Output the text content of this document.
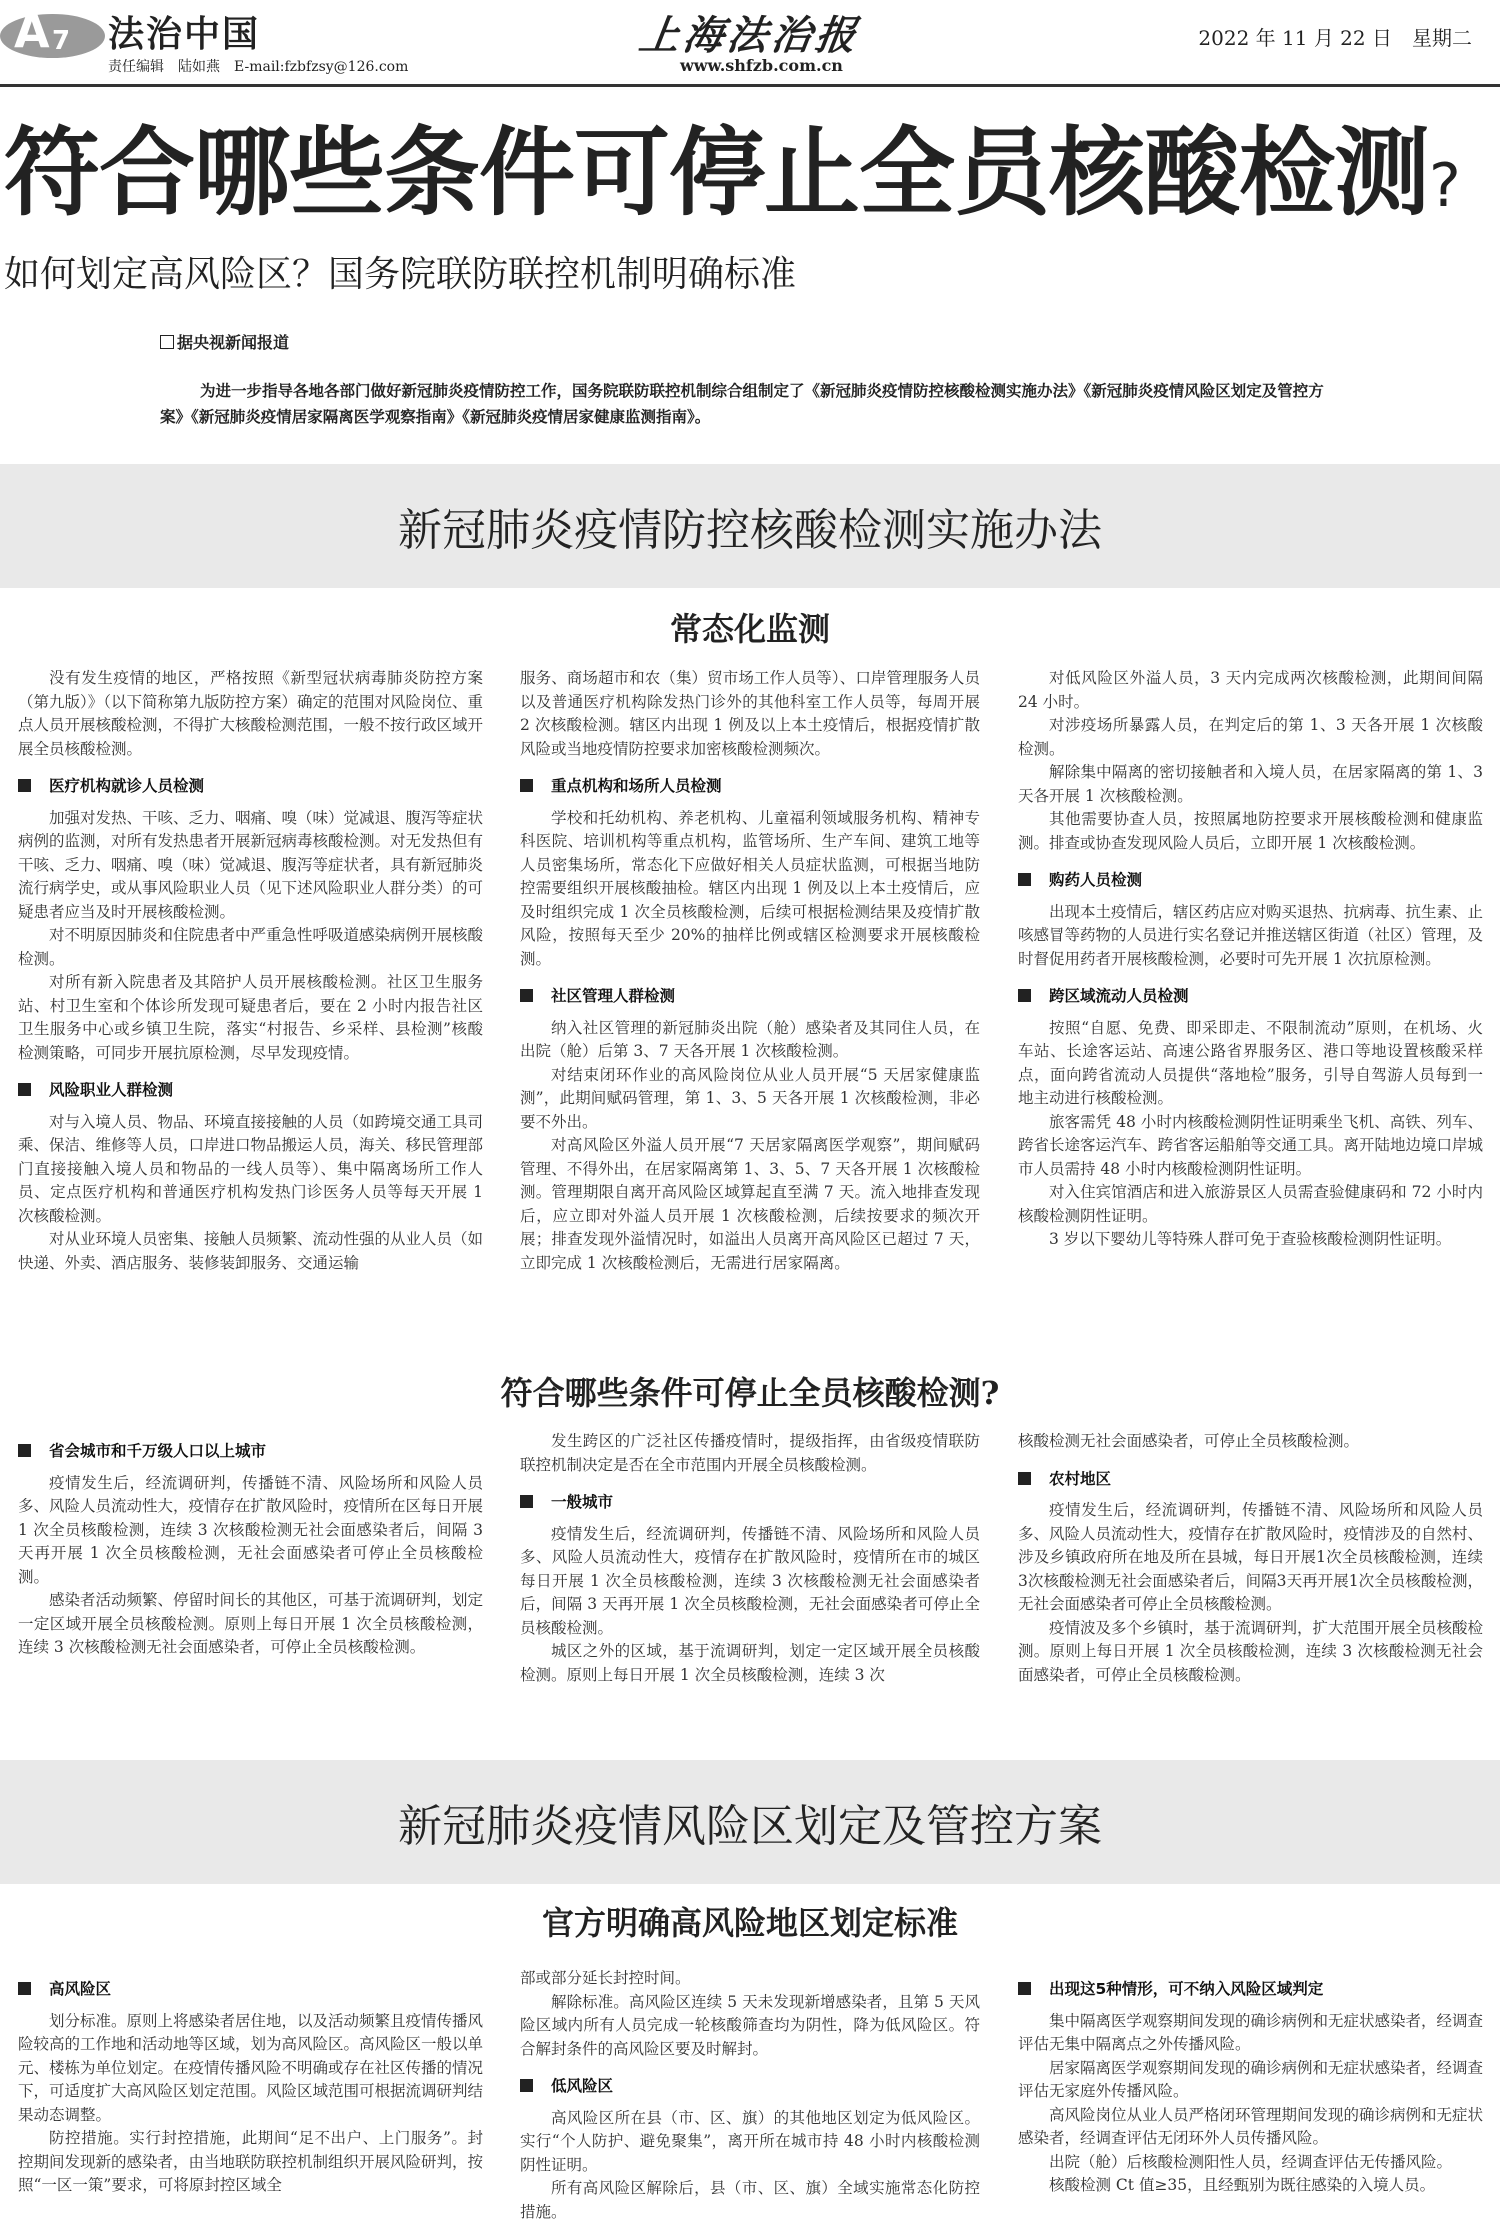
A 7 法治中国
责任编辑　陆如燕　E-mail:fzbfzsy@126.com
上海法治报
www.shfzb.com.cn
2022 年 11 月 22 日　星期二
符合哪些条件可停止全员核酸检测?
如何划定高风险区？国务院联防联控机制明确标准
据央视新闻报道
为进一步指导各地各部门做好新冠肺炎疫情防控工作，国务院联防联控机制综合组制定了《新冠肺炎疫情防控核酸检测实施办法》《新冠肺炎疫情风险区划定及管控方案》《新冠肺炎疫情居家隔离医学观察指南》《新冠肺炎疫情居家健康监测指南》。
新冠肺炎疫情防控核酸检测实施办法
常态化监测

没有发生疫情的地区，严格按照《新型冠状病毒肺炎防控方案（第九版）》（以下简称第九版防控方案）确定的范围对风险岗位、重点人员开展核酸检测，不得扩大核酸检测范围，一般不按行政区域开展全员核酸检测。

医疗机构就诊人员检测

加强对发热、干咳、乏力、咽痛、嗅（味）觉减退、腹泻等症状病例的监测，对所有发热患者开展新冠病毒核酸检测。对无发热但有干咳、乏力、咽痛、嗅（味）觉减退、腹泻等症状者，具有新冠肺炎流行病学史，或从事风险职业人员（见下述风险职业人群分类）的可疑患者应当及时开展核酸检测。

对不明原因肺炎和住院患者中严重急性呼吸道感染病例开展核酸检测。

对所有新入院患者及其陪护人员开展核酸检测。社区卫生服务站、村卫生室和个体诊所发现可疑患者后，要在 2 小时内报告社区卫生服务中心或乡镇卫生院，落实“村报告、乡采样、县检测”核酸检测策略，可同步开展抗原检测，尽早发现疫情。

风险职业人群检测

对与入境人员、物品、环境直接接触的人员（如跨境交通工具司乘、保洁、维修等人员，口岸进口物品搬运人员，海关、移民管理部门直接接触入境人员和物品的一线人员等）、集中隔离场所工作人员、定点医疗机构和普通医疗机构发热门诊医务人员等每天开展 1 次核酸检测。

对从业环境人员密集、接触人员频繁、流动性强的从业人员（如快递、外卖、酒店服务、装修装卸服务、交通运输

服务、商场超市和农（集）贸市场工作人员等）、口岸管理服务人员以及普通医疗机构除发热门诊外的其他科室工作人员等，每周开展 2 次核酸检测。辖区内出现 1 例及以上本土疫情后，根据疫情扩散风险或当地疫情防控要求加密核酸检测频次。

重点机构和场所人员检测

学校和托幼机构、养老机构、儿童福利领域服务机构、精神专科医院、培训机构等重点机构，监管场所、生产车间、建筑工地等人员密集场所，常态化下应做好相关人员症状监测，可根据当地防控需要组织开展核酸抽检。辖区内出现 1 例及以上本土疫情后，应及时组织完成 1 次全员核酸检测，后续可根据检测结果及疫情扩散风险，按照每天至少 20%的抽样比例或辖区检测要求开展核酸检测。

社区管理人群检测

纳入社区管理的新冠肺炎出院（舱）感染者及其同住人员，在出院（舱）后第 3、7 天各开展 1 次核酸检测。

对结束闭环作业的高风险岗位从业人员开展“5 天居家健康监测”，此期间赋码管理，第 1、3、5 天各开展 1 次核酸检测，非必要不外出。

对高风险区外溢人员开展“7 天居家隔离医学观察”，期间赋码管理、不得外出，在居家隔离第 1、3、5、7 天各开展 1 次核酸检测。管理期限自离开高风险区域算起直至满 7 天。流入地排查发现后，应立即对外溢人员开展 1 次核酸检测，后续按要求的频次开展；排查发现外溢情况时，如溢出人员离开高风险区已超过 7 天，立即完成 1 次核酸检测后，无需进行居家隔离。

对低风险区外溢人员，3 天内完成两次核酸检测，此期间间隔 24 小时。

对涉疫场所暴露人员，在判定后的第 1、3 天各开展 1 次核酸检测。

解除集中隔离的密切接触者和入境人员，在居家隔离的第 1、3 天各开展 1 次核酸检测。

其他需要协查人员，按照属地防控要求开展核酸检测和健康监测。排查或协查发现风险人员后，立即开展 1 次核酸检测。

购药人员检测

出现本土疫情后，辖区药店应对购买退热、抗病毒、抗生素、止咳感冒等药物的人员进行实名登记并推送辖区街道（社区）管理，及时督促用药者开展核酸检测，必要时可先开展 1 次抗原检测。

跨区域流动人员检测

按照“自愿、免费、即采即走、不限制流动”原则，在机场、火车站、长途客运站、高速公路省界服务区、港口等地设置核酸采样点，面向跨省流动人员提供“落地检”服务，引导自驾游人员每到一地主动进行核酸检测。

旅客需凭 48 小时内核酸检测阴性证明乘坐飞机、高铁、列车、跨省长途客运汽车、跨省客运船舶等交通工具。离开陆地边境口岸城市人员需持 48 小时内核酸检测阴性证明。

对入住宾馆酒店和进入旅游景区人员需查验健康码和 72 小时内核酸检测阴性证明。

3 岁以下婴幼儿等特殊人群可免于查验核酸检测阴性证明。

符合哪些条件可停止全员核酸检测?
省会城市和千万级人口以上城市

疫情发生后，经流调研判，传播链不清、风险场所和风险人员多、风险人员流动性大，疫情存在扩散风险时，疫情所在区每日开展 1 次全员核酸检测，连续 3 次核酸检测无社会面感染者后，间隔 3 天再开展 1 次全员核酸检测，无社会面感染者可停止全员核酸检测。

感染者活动频繁、停留时间长的其他区，可基于流调研判，划定一定区域开展全员核酸检测。原则上每日开展 1 次全员核酸检测，连续 3 次核酸检测无社会面感染者，可停止全员核酸检测。

发生跨区的广泛社区传播疫情时，提级指挥，由省级疫情联防联控机制决定是否在全市范围内开展全员核酸检测。

一般城市

疫情发生后，经流调研判，传播链不清、风险场所和风险人员多、风险人员流动性大，疫情存在扩散风险时，疫情所在市的城区每日开展 1 次全员核酸检测，连续 3 次核酸检测无社会面感染者后，间隔 3 天再开展 1 次全员核酸检测，无社会面感染者可停止全员核酸检测。

城区之外的区域，基于流调研判，划定一定区域开展全员核酸检测。原则上每日开展 1 次全员核酸检测，连续 3 次

核酸检测无社会面感染者，可停止全员核酸检测。

农村地区

疫情发生后，经流调研判，传播链不清、风险场所和风险人员多、风险人员流动性大，疫情存在扩散风险时，疫情涉及的自然村、涉及乡镇政府所在地及所在县城，每日开展1次全员核酸检测，连续3次核酸检测无社会面感染者后，间隔3天再开展1次全员核酸检测，无社会面感染者可停止全员核酸检测。

疫情波及多个乡镇时，基于流调研判，扩大范围开展全员核酸检测。原则上每日开展 1 次全员核酸检测，连续 3 次核酸检测无社会面感染者，可停止全员核酸检测。

新冠肺炎疫情风险区划定及管控方案
官方明确高风险地区划定标准
高风险区

划分标准。原则上将感染者居住地，以及活动频繁且疫情传播风险较高的工作地和活动地等区域，划为高风险区。高风险区一般以单元、楼栋为单位划定。在疫情传播风险不明确或存在社区传播的情况下，可适度扩大高风险区划定范围。风险区域范围可根据流调研判结果动态调整。

防控措施。实行封控措施，此期间“足不出户、上门服务”。封控期间发现新的感染者，由当地联防联控机制组织开展风险研判，按照“一区一策”要求，可将原封控区域全

部或部分延长封控时间。

解除标准。高风险区连续 5 天未发现新增感染者，且第 5 天风险区域内所有人员完成一轮核酸筛查均为阴性，降为低风险区。符合解封条件的高风险区要及时解封。

低风险区

高风险区所在县（市、区、旗）的其他地区划定为低风险区。实行“个人防护、避免聚集”，离开所在城市持 48 小时内核酸检测阴性证明。

所有高风险区解除后，县（市、区、旗）全域实施常态化防控措施。

出现这5种情形，可不纳入风险区域判定

集中隔离医学观察期间发现的确诊病例和无症状感染者，经调查评估无集中隔离点之外传播风险。

居家隔离医学观察期间发现的确诊病例和无症状感染者，经调查评估无家庭外传播风险。

高风险岗位从业人员严格闭环管理期间发现的确诊病例和无症状感染者，经调查评估无闭环外人员传播风险。

出院（舱）后核酸检测阳性人员，经调查评估无传播风险。

核酸检测 Ct 值≥35，且经甄别为既往感染的入境人员。
